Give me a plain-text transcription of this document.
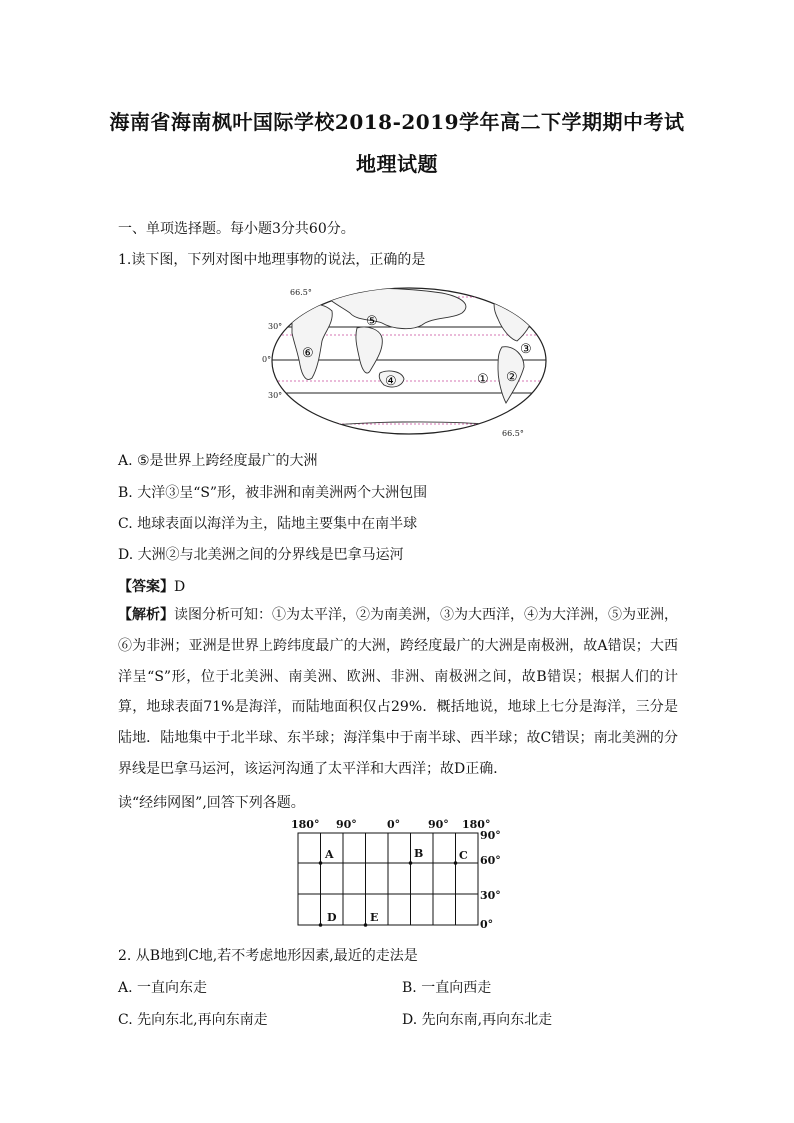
海南省海南枫叶国际学校2018-2019学年高二下学期期中考试
地理试题
一、单项选择题。每小题3分共60分。
1.读下图，下列对图中地理事物的说法，正确的是
66.5°
30°
0°
30°
66.5°
⑤
⑥
④	① ②
③
A. ⑤是世界上跨经度最广的大洲
B. 大洋③呈“S”形，被非洲和南美洲两个大洲包围
C. 地球表面以海洋为主，陆地主要集中在南半球
D. 大洲②与北美洲之间的分界线是巴拿马运河
【答案】D
【解析】读图分析可知：①为太平洋，②为南美洲，③为大西洋，④为大洋洲，⑤为亚洲，⑥为非洲；亚洲是世界上跨纬度最广的大洲，跨经度最广的大洲是南极洲，故A错误；大西洋呈“S”形，位于北美洲、南美洲、欧洲、非洲、南极洲之间，故B错误；根据人们的计算，地球表面71%是海洋，而陆地面积仅占29%．概括地说，地球上七分是海洋，三分是陆地．陆地集中于北半球、东半球；海洋集中于南半球、西半球；故C错误；南北美洲的分界线是巴拿马运河，该运河沟通了太平洋和大西洋；故D正确．
读“经纬网图”,回答下列各题。
180° 90°	0°	90° 180°
90°
60°
30°
0°
A	B	C
D	E
2. 从B地到C地,若不考虑地形因素,最近的走法是
A. 一直向东走	B. 一直向西走
C. 先向东北,再向东南走	D. 先向东南,再向东北走
